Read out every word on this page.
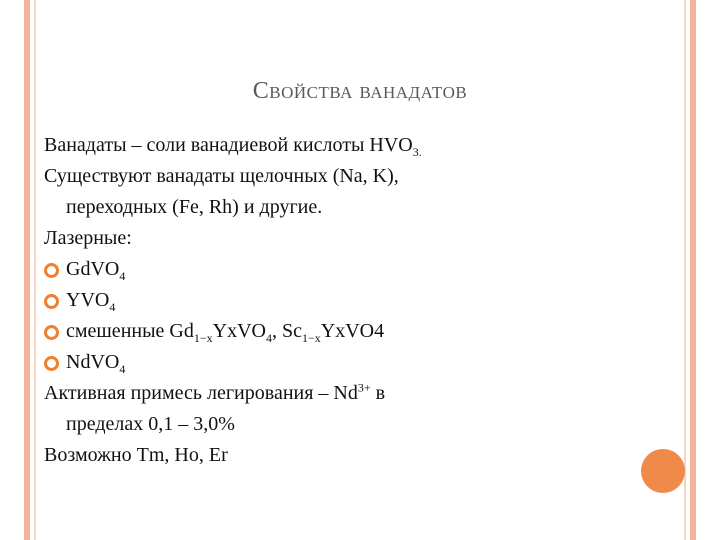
Свойства ванадатов

Ванадаты – соли ванадиевой кислоты $HVO_{3.}$

Существуют ванадаты щелочных (Na, K),

переходных (Fe, Rh) и другие.

Лазерные:

GdVO$_4$

$YVO_4$

смешенные $Gd_{1-x}YxVO_4$, $Sc_{1-x}YxVO4$

NdVO$_4$

Активная примесь легирования – $Nd^{3+}$ в

пределах 0,1 – 3,0%

Возможно Tm, Ho, Er
